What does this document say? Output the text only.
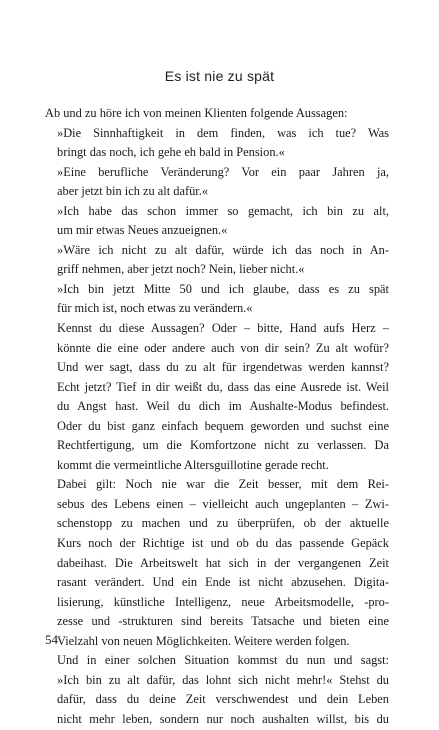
Es ist nie zu spät

Ab und zu höre ich von meinen Klienten folgende Aussagen:

»Die Sinnhaftigkeit in dem finden, was ich tue? Was
bringt das noch, ich gehe eh bald in Pension.«

»Eine berufliche Veränderung? Vor ein paar Jahren ja,
aber jetzt bin ich zu alt dafür.«

»Ich habe das schon immer so gemacht, ich bin zu alt,
um mir etwas Neues anzueignen.«

»Wäre ich nicht zu alt dafür, würde ich das noch in An-
griff nehmen, aber jetzt noch? Nein, lieber nicht.«

»Ich bin jetzt Mitte 50 und ich glaube, dass es zu spät
für mich ist, noch etwas zu verändern.«

Kennst du diese Aussagen? Oder – bitte, Hand aufs Herz –
könnte die eine oder andere auch von dir sein? Zu alt wofür?
Und wer sagt, dass du zu alt für irgendetwas werden kannst?
Echt jetzt? Tief in dir weißt du, dass das eine Ausrede ist. Weil
du Angst hast. Weil du dich im Aushalte-Modus befindest.
Oder du bist ganz einfach bequem geworden und suchst eine
Rechtfertigung, um die Komfortzone nicht zu verlassen. Da
kommt die vermeintliche Altersguillotine gerade recht.

Dabei gilt: Noch nie war die Zeit besser, mit dem Rei-
sebus des Lebens einen – vielleicht auch ungeplanten – Zwi-
schenstopp zu machen und zu überprüfen, ob der aktuelle
Kurs noch der Richtige ist und ob du das passende Gepäck
dabeihast. Die Arbeitswelt hat sich in der vergangenen Zeit
rasant verändert. Und ein Ende ist nicht abzusehen. Digita-
lisierung, künstliche Intelligenz, neue Arbeitsmodelle, -pro-
zesse und -strukturen sind bereits Tatsache und bieten eine
Vielzahl von neuen Möglichkeiten. Weitere werden folgen.

Und in einer solchen Situation kommst du nun und sagst:
»Ich bin zu alt dafür, das lohnt sich nicht mehr!« Stehst du
dafür, dass du deine Zeit verschwendest und dein Leben
nicht mehr leben, sondern nur noch aushalten willst, bis du

54
